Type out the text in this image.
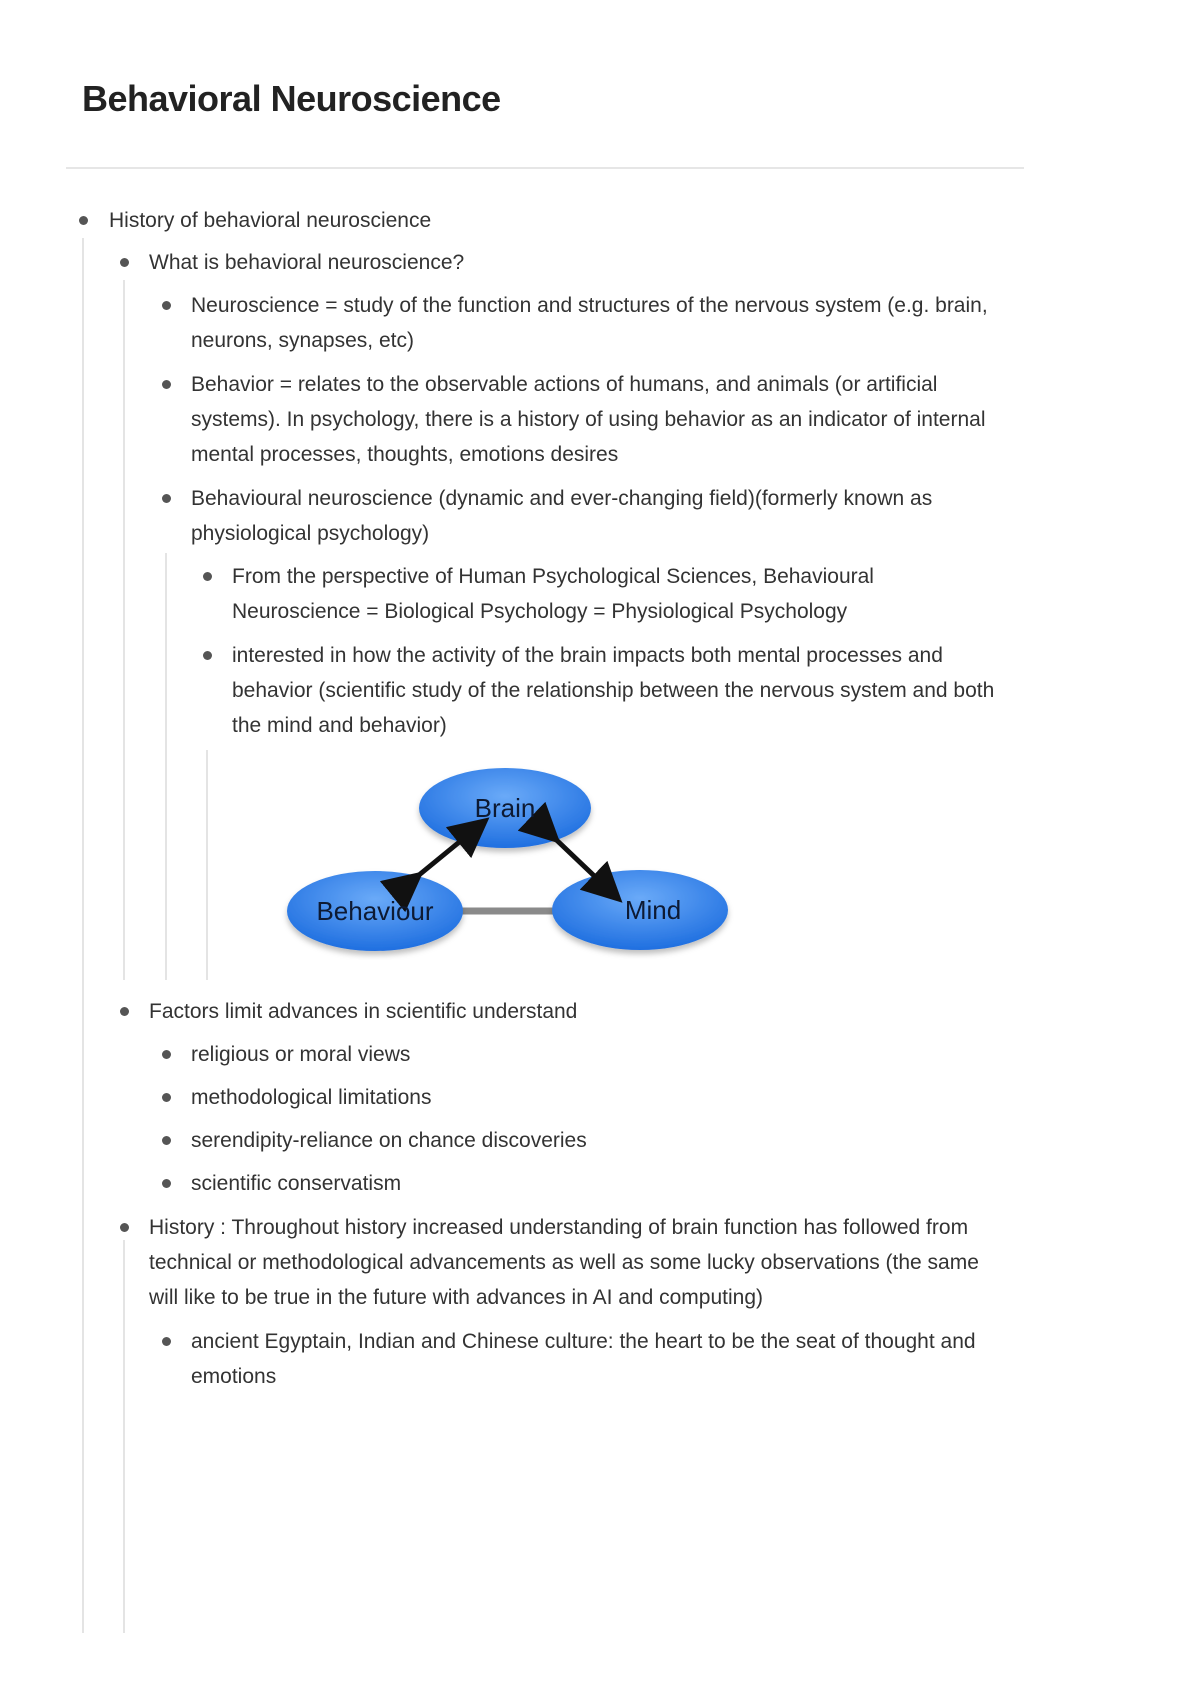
Behavioral Neuroscience
History of behavioral neuroscience
What is behavioral neuroscience?
Neuroscience = study of the function and structures of the nervous system (e.g. brain, neurons, synapses, etc)
Behavior = relates to the observable actions of humans, and animals (or artificial systems). In psychology, there is a history of using behavior as an indicator of internal mental processes, thoughts, emotions desires
Behavioural neuroscience (dynamic and ever-changing field)(formerly known as physiological psychology)
From the perspective of Human Psychological Sciences, Behavioural Neuroscience = Biological Psychology = Physiological Psychology
interested in how the activity of the brain impacts both mental processes and behavior (scientific study of the relationship between the nervous system and both the mind and behavior)
Brain
Behaviour	Mind
Factors limit advances in scientific understand
religious or moral views
methodological limitations
serendipity-reliance on chance discoveries
scientific conservatism
History : Throughout history increased understanding of brain function has followed from technical or methodological advancements as well as some lucky observations (the same will like to be true in the future with advances in AI and computing)
ancient Egyptain, Indian and Chinese culture: the heart to be the seat of thought and emotions
